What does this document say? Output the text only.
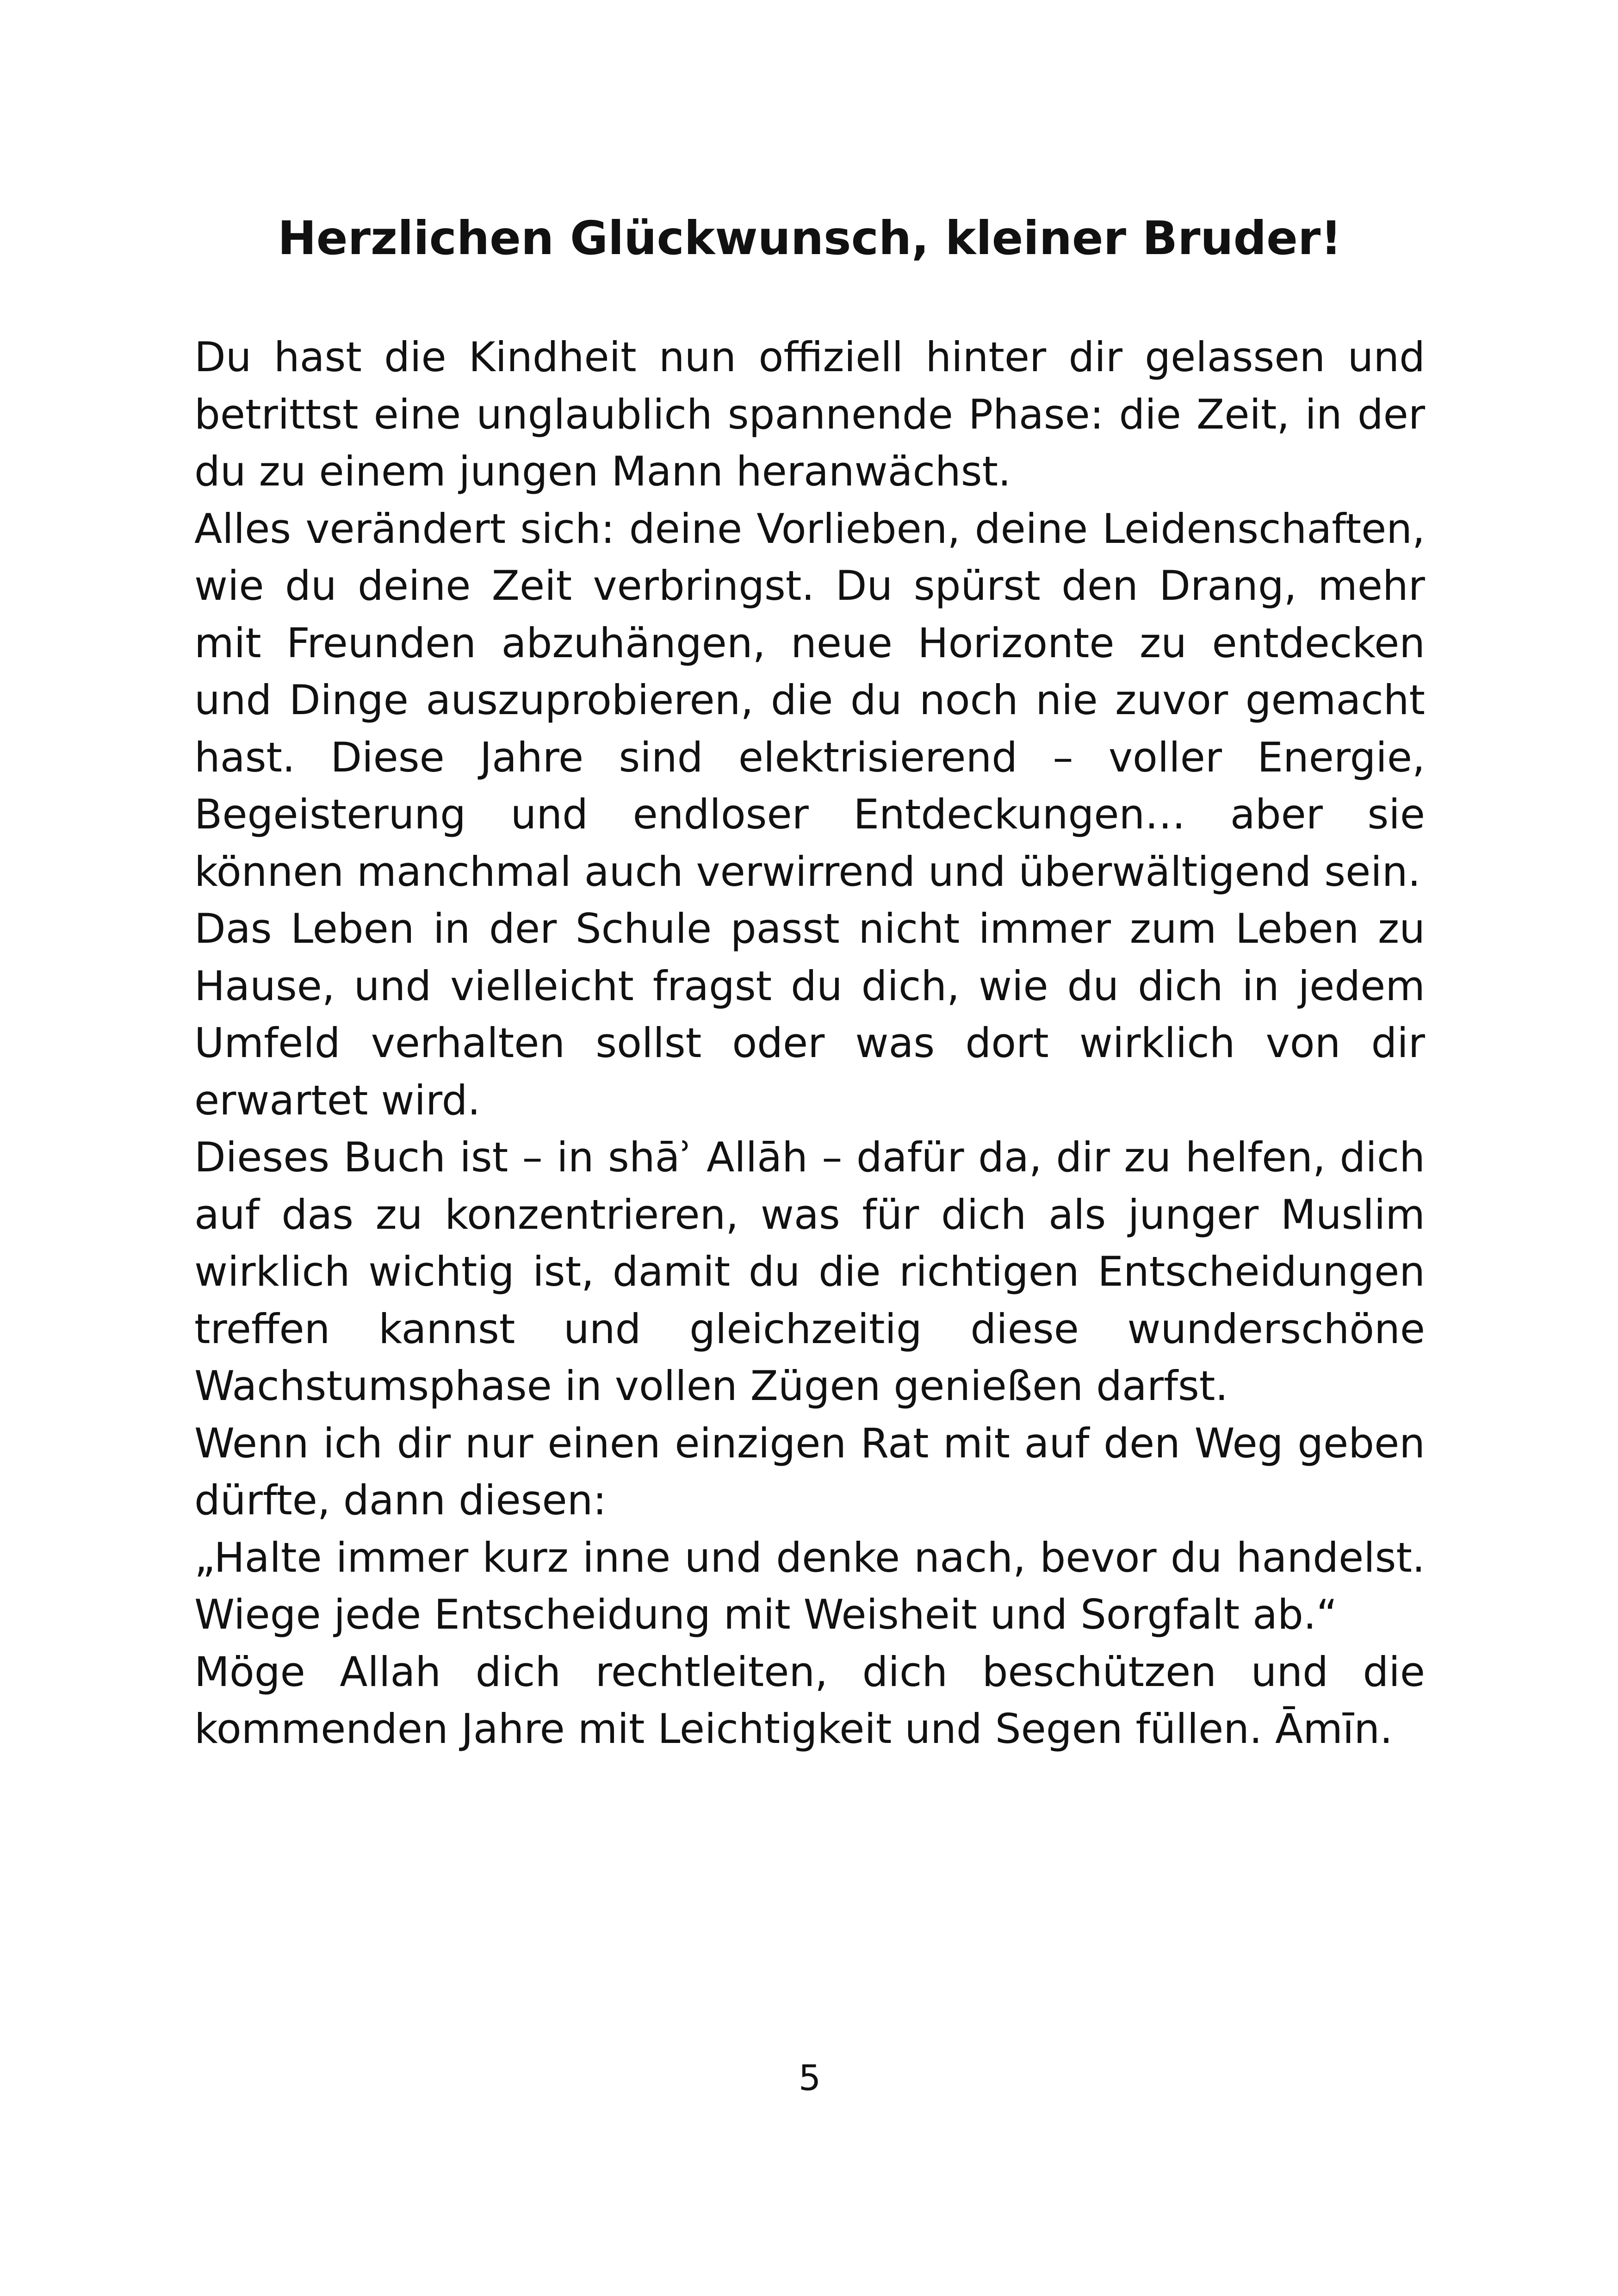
Herzlichen Glückwunsch, kleiner Bruder!

Du hast die Kindheit nun offiziell hinter dir gelassen und betrittst eine unglaublich spannende Phase: die Zeit, in der du zu einem jungen Mann heranwächst.

Alles verändert sich: deine Vorlieben, deine Leidenschaften, wie du deine Zeit verbringst. Du spürst den Drang, mehr mit Freunden abzuhängen, neue Horizonte zu entdecken und Dinge auszuprobieren, die du noch nie zuvor gemacht hast. Diese Jahre sind elektrisierend – voller Energie, Begeisterung und endloser Entdeckungen… aber sie können manchmal auch verwirrend und überwältigend sein.

Das Leben in der Schule passt nicht immer zum Leben zu Hause, und vielleicht fragst du dich, wie du dich in jedem Umfeld verhalten sollst oder was dort wirklich von dir erwartet wird.

Dieses Buch ist – in shāʾ Allāh – dafür da, dir zu helfen, dich auf das zu konzentrieren, was für dich als junger Muslim wirklich wichtig ist, damit du die richtigen Entscheidungen treffen kannst und gleichzeitig diese wunderschöne Wachstumsphase in vollen Zügen genießen darfst.

Wenn ich dir nur einen einzigen Rat mit auf den Weg geben dürfte, dann diesen:

„Halte immer kurz inne und denke nach, bevor du handelst. Wiege jede Entscheidung mit Weisheit und Sorgfalt ab.“

Möge Allah dich rechtleiten, dich beschützen und die kommenden Jahre mit Leichtigkeit und Segen füllen. Āmīn.

5
